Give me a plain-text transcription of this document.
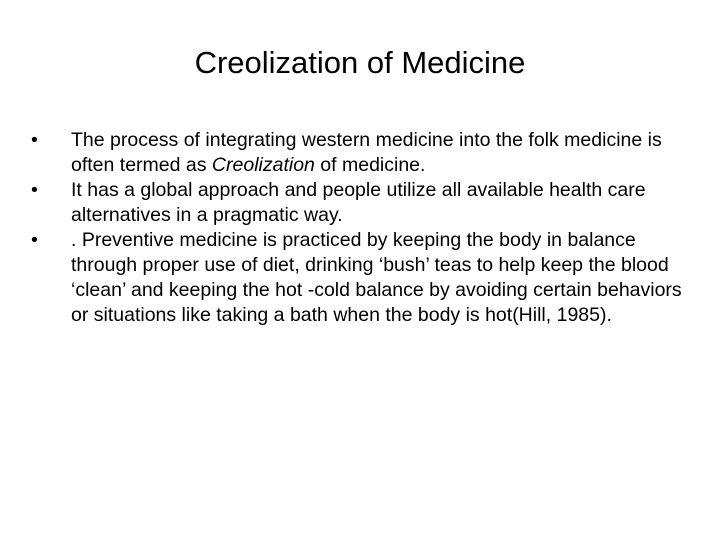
Creolization of Medicine
•	The process of integrating western medicine into the folk medicine is often termed as Creolization of medicine.
•	It has a global approach and people utilize all available health care alternatives in a pragmatic way.
•	. Preventive medicine is practiced by keeping the body in balance through proper use of diet, drinking ‘bush’ teas to help keep the blood ‘clean’ and keeping the hot -cold balance by avoiding certain behaviors or situations like taking a bath when the body is hot(Hill, 1985).
